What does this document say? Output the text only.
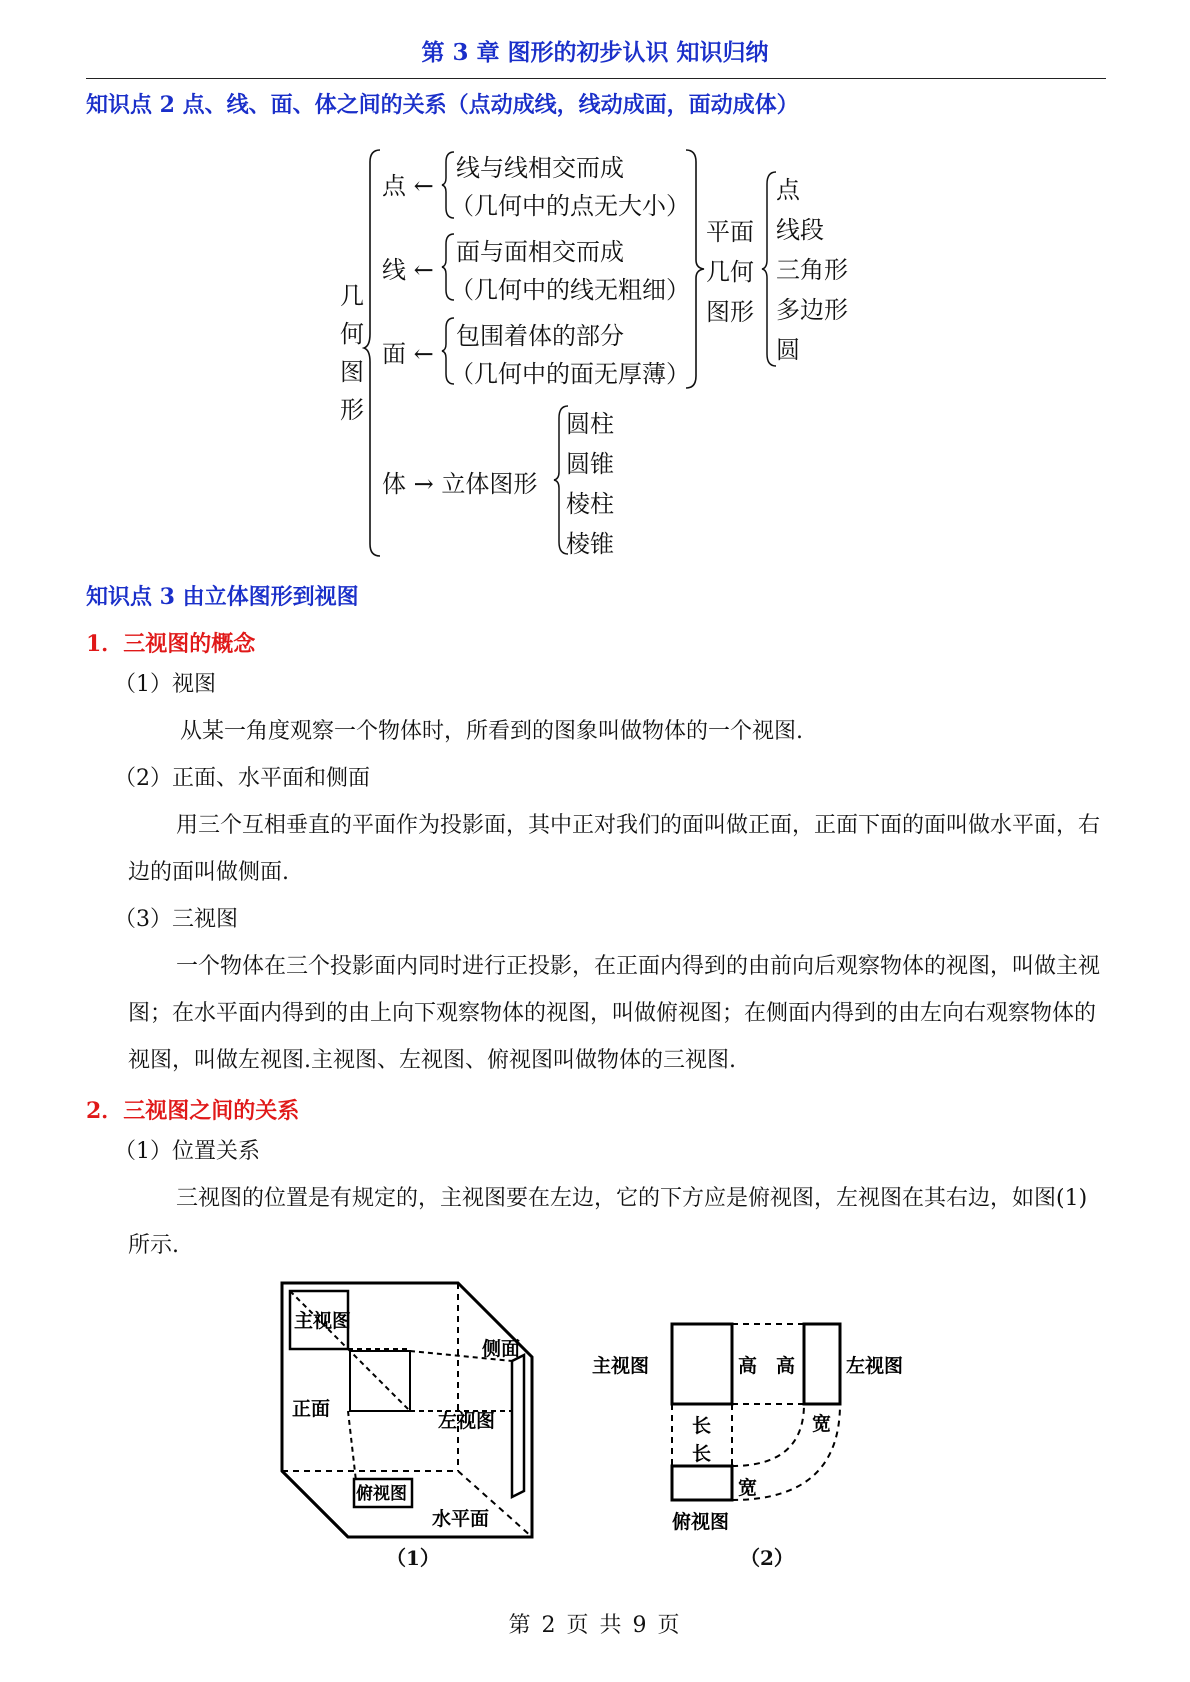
第 3 章 图形的初步认识 知识归纳
知识点 2 点、线、面、体之间的关系（点动成线，线动成面，面动成体）
几
何
图
形
点 ←
线与线相交而成
（几何中的点无大小）
线 ←
面与面相交而成
（几何中的线无粗细）
面 ←
包围着体的部分
（几何中的面无厚薄）
平面
几何
图形
点
线段
三角形
多边形
圆
体 → 立体图形
圆柱
圆锥
棱柱
棱锥
知识点 3 由立体图形到视图
1．三视图的概念
（1）视图
从某一角度观察一个物体时，所看到的图象叫做物体的一个视图.
（2）正面、水平面和侧面
用三个互相垂直的平面作为投影面，其中正对我们的面叫做正面，正面下面的面叫做水平面，右边的面叫做侧面.
（3）三视图
一个物体在三个投影面内同时进行正投影，在正面内得到的由前向后观察物体的视图，叫做主视图；在水平面内得到的由上向下观察物体的视图，叫做俯视图；在侧面内得到的由左向右观察物体的视图，叫做左视图.主视图、左视图、俯视图叫做物体的三视图.
2．三视图之间的关系
（1）位置关系
三视图的位置是有规定的，主视图要在左边，它的下方应是俯视图，左视图在其右边，如图(1)所示.
主视图
侧面
正面
左视图
俯视图
水平面
（1）
主视图	高 高	左视图
长
长
宽
宽
俯视图
（2）
第 2 页 共 9 页
